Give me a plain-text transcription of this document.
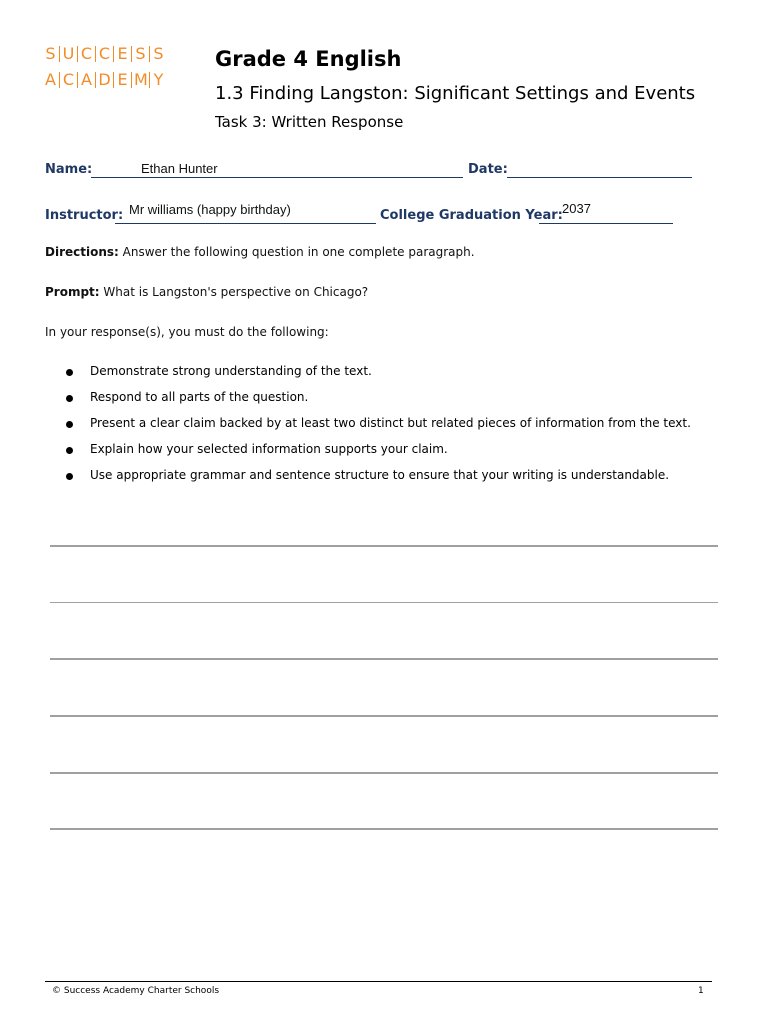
S U C C E S S
A C A D E M Y
Grade 4 English
1.3 Finding Langston: Significant Settings and Events
Task 3: Written Response
Name:	Ethan Hunter	Date:
Instructor: Mr williams (happy birthday)	College Graduation Year: 2037
Directions: Answer the following question in one complete paragraph.
Prompt: What is Langston's perspective on Chicago?
In your response(s), you must do the following:
Demonstrate strong understanding of the text.
Respond to all parts of the question.
Present a clear claim backed by at least two distinct but related pieces of information from the text.
Explain how your selected information supports your claim.
Use appropriate grammar and sentence structure to ensure that your writing is understandable.
© Success Academy Charter Schools	1
